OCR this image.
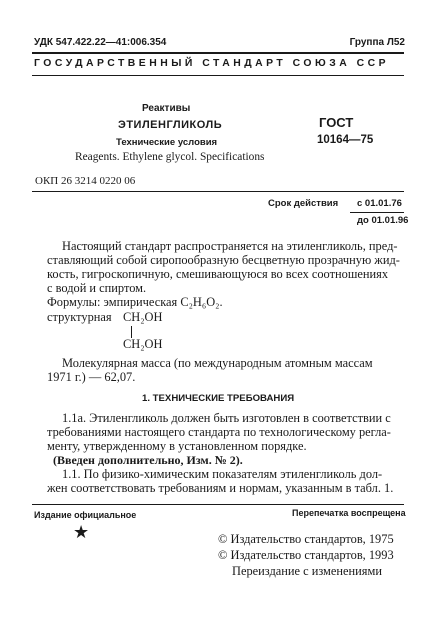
УДК 547.422.22—41:006.354	Группа Л52
ГОСУДАРСТВЕННЫЙ СТАНДАРТ СОЮЗА ССР
Реактивы
ЭТИЛЕНГЛИКОЛЬ
Технические условия
Reagents. Ethylene glycol. Specifications
ГОСТ
10164—75
ОКП 26 3214 0220 06
Срок действия с 01.01.76
до 01.01.96
Настоящий стандарт распространяется на этиленгликоль, пред-
ставляющий собой сиропообразную бесцветную прозрачную жид-
кость, гигроскопичную, смешивающуюся во всех соотношениях
с водой и спиртом.
Формулы: эмпирическая C₂H₆O₂.
структурная CH₂OH
CH₂OH
Молекулярная масса (по международным атомным массам
1971 г.) — 62,07.
1. ТЕХНИЧЕСКИЕ ТРЕБОВАНИЯ
1.1а. Этиленгликоль должен быть изготовлен в соответствии с
требованиями настоящего стандарта по технологическому регла-
менту, утвержденному в установленном порядке.
(Введен дополнительно, Изм. № 2).
1.1. По физико-химическим показателям этиленгликоль дол-
жен соответствовать требованиям и нормам, указанным в табл. 1.
Издание официальное	Перепечатка воспрещена
★	© Издательство стандартов, 1975
© Издательство стандартов, 1993
Переиздание с изменениями
